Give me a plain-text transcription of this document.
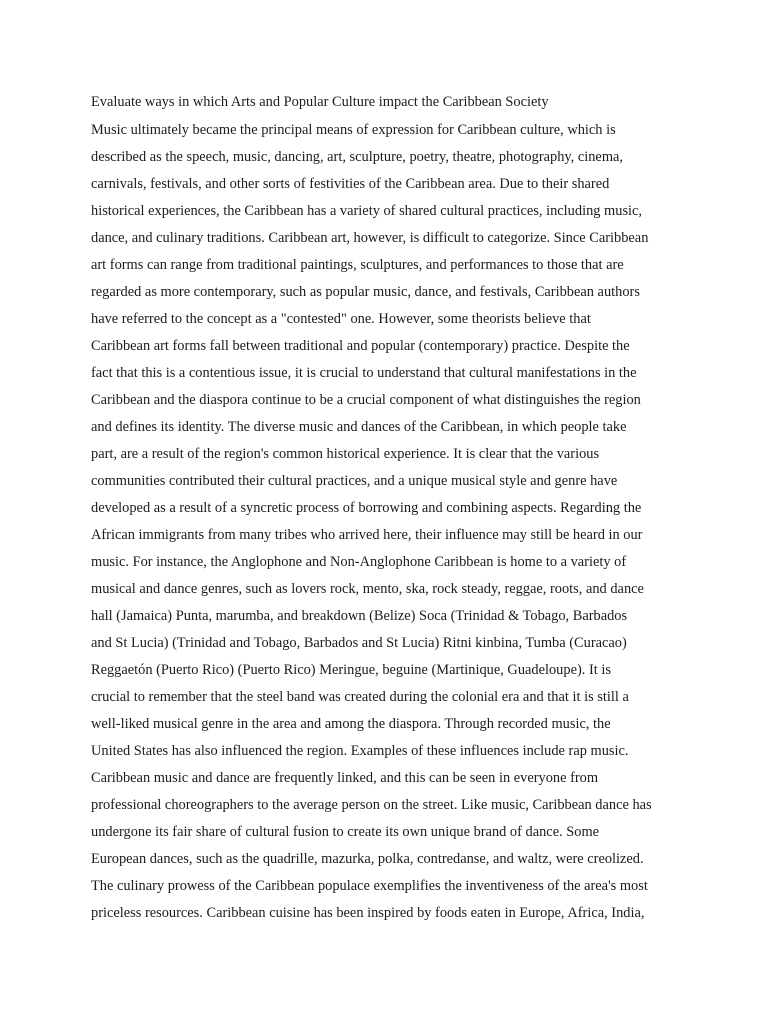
Evaluate ways in which Arts and Popular Culture impact the Caribbean Society
Music ultimately became the principal means of expression for Caribbean culture, which is
described as the speech, music, dancing, art, sculpture, poetry, theatre, photography, cinema,
carnivals, festivals, and other sorts of festivities of the Caribbean area. Due to their shared
historical experiences, the Caribbean has a variety of shared cultural practices, including music,
dance, and culinary traditions. Caribbean art, however, is difficult to categorize. Since Caribbean
art forms can range from traditional paintings, sculptures, and performances to those that are
regarded as more contemporary, such as popular music, dance, and festivals, Caribbean authors
have referred to the concept as a "contested" one. However, some theorists believe that
Caribbean art forms fall between traditional and popular (contemporary) practice. Despite the
fact that this is a contentious issue, it is crucial to understand that cultural manifestations in the
Caribbean and the diaspora continue to be a crucial component of what distinguishes the region
and defines its identity. The diverse music and dances of the Caribbean, in which people take
part, are a result of the region's common historical experience. It is clear that the various
communities contributed their cultural practices, and a unique musical style and genre have
developed as a result of a syncretic process of borrowing and combining aspects. Regarding the
African immigrants from many tribes who arrived here, their influence may still be heard in our
music. For instance, the Anglophone and Non-Anglophone Caribbean is home to a variety of
musical and dance genres, such as lovers rock, mento, ska, rock steady, reggae, roots, and dance
hall (Jamaica) Punta, marumba, and breakdown (Belize) Soca (Trinidad & Tobago, Barbados
and St Lucia) (Trinidad and Tobago, Barbados and St Lucia) Ritni kinbina, Tumba (Curacao)
Reggaetón (Puerto Rico) (Puerto Rico) Meringue, beguine (Martinique, Guadeloupe). It is
crucial to remember that the steel band was created during the colonial era and that it is still a
well-liked musical genre in the area and among the diaspora. Through recorded music, the
United States has also influenced the region. Examples of these influences include rap music.
Caribbean music and dance are frequently linked, and this can be seen in everyone from
professional choreographers to the average person on the street. Like music, Caribbean dance has
undergone its fair share of cultural fusion to create its own unique brand of dance. Some
European dances, such as the quadrille, mazurka, polka, contredanse, and waltz, were creolized.
The culinary prowess of the Caribbean populace exemplifies the inventiveness of the area's most
priceless resources. Caribbean cuisine has been inspired by foods eaten in Europe, Africa, India,
